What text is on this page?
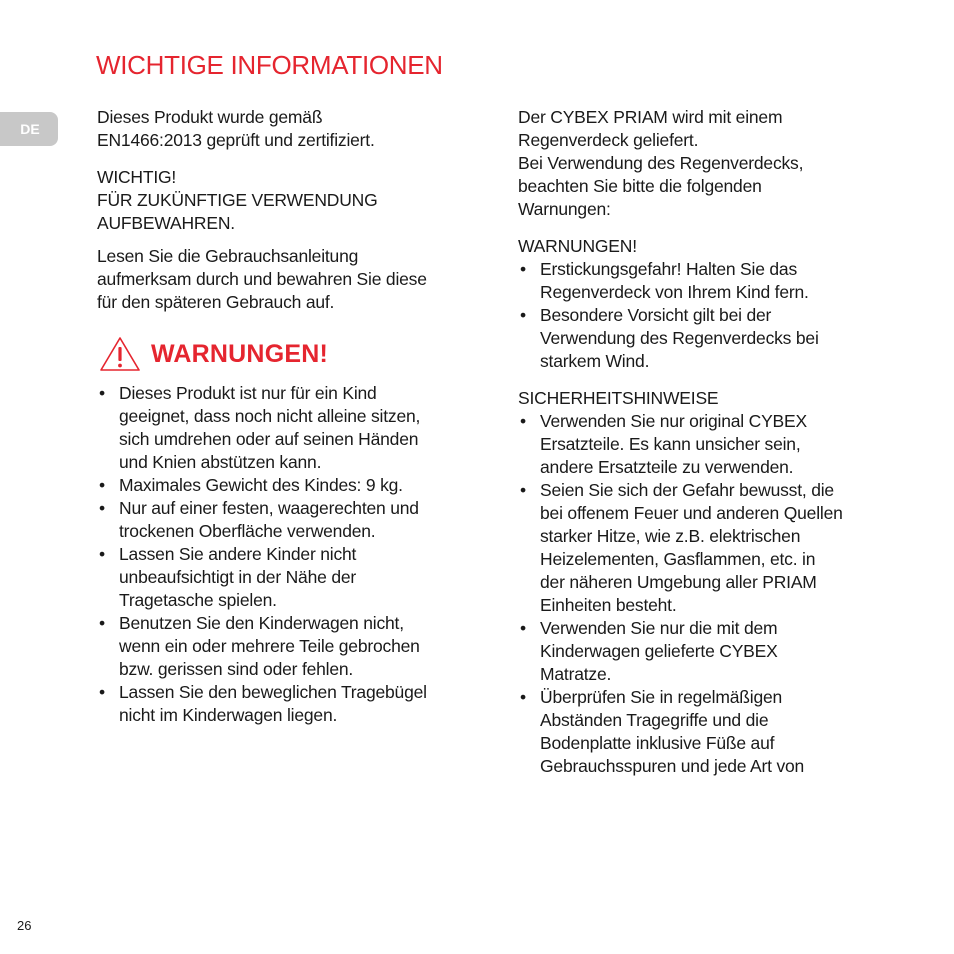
WICHTIGE INFORMATIONEN
DE

Dieses Produkt wurde gemäß
EN1466:2013 geprüft und zertifiziert.

WICHTIG!
FÜR ZUKÜNFTIGE VERWENDUNG
AUFBEWAHREN.

Lesen Sie die Gebrauchsanleitung
aufmerksam durch und bewahren Sie diese
für den späteren Gebrauch auf.

WARNUNGEN!
• Dieses Produkt ist nur für ein Kind
geeignet, dass noch nicht alleine sitzen,
sich umdrehen oder auf seinen Händen
und Knien abstützen kann.
• Maximales Gewicht des Kindes: 9 kg.
• Nur auf einer festen, waagerechten und
trockenen Oberfläche verwenden.
• Lassen Sie andere Kinder nicht
unbeaufsichtigt in der Nähe der
Tragetasche spielen.
• Benutzen Sie den Kinderwagen nicht,
wenn ein oder mehrere Teile gebrochen
bzw. gerissen sind oder fehlen.
• Lassen Sie den beweglichen Tragebügel
nicht im Kinderwagen liegen.

Der CYBEX PRIAM wird mit einem
Regenverdeck geliefert.
Bei Verwendung des Regenverdecks,
beachten Sie bitte die folgenden
Warnungen:

WARNUNGEN!

• Erstickungsgefahr! Halten Sie das
Regenverdeck von Ihrem Kind fern.
• Besondere Vorsicht gilt bei der
Verwendung des Regenverdecks bei
starkem Wind.

SICHERHEITSHINWEISE

• Verwenden Sie nur original CYBEX
Ersatzteile. Es kann unsicher sein,
andere Ersatzteile zu verwenden.
• Seien Sie sich der Gefahr bewusst, die
bei offenem Feuer und anderen Quellen
starker Hitze, wie z.B. elektrischen
Heizelementen, Gasflammen, etc. in
der näheren Umgebung aller PRIAM
Einheiten besteht.
• Verwenden Sie nur die mit dem
Kinderwagen gelieferte CYBEX
Matratze.
• Überprüfen Sie in regelmäßigen
Abständen Tragegriffe und die
Bodenplatte inklusive Füße auf
Gebrauchsspuren und jede Art von
26
